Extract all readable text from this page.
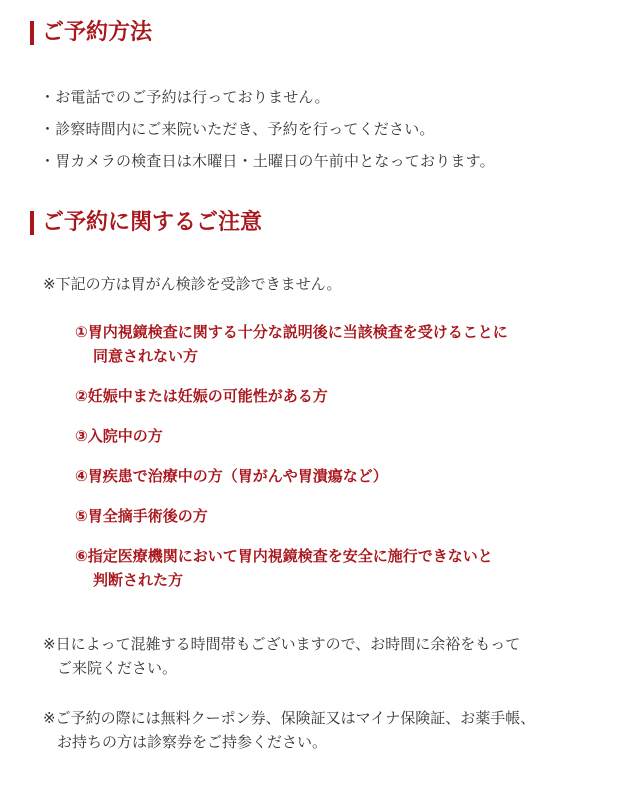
ご予約方法
・お電話でのご予約は行っておりません。
・診察時間内にご来院いただき、予約を行ってください。
・胃カメラの検査日は木曜日・土曜日の午前中となっております。
ご予約に関するご注意

※下記の方は胃がん検診を受診できません。

①胃内視鏡検査に関する十分な説明後に当該検査を受けることに
同意されない方

②妊娠中または妊娠の可能性がある方

③入院中の方

④胃疾患で治療中の方（胃がんや胃潰瘍など）

⑤胃全摘手術後の方

⑥指定医療機関において胃内視鏡検査を安全に施行できないと
判断された方

※日によって混雑する時間帯もございますので、お時間に余裕をもって
ご来院ください。

※ご予約の際には無料クーポン券、保険証又はマイナ保険証、お薬手帳、
お持ちの方は診察券をご持参ください。
